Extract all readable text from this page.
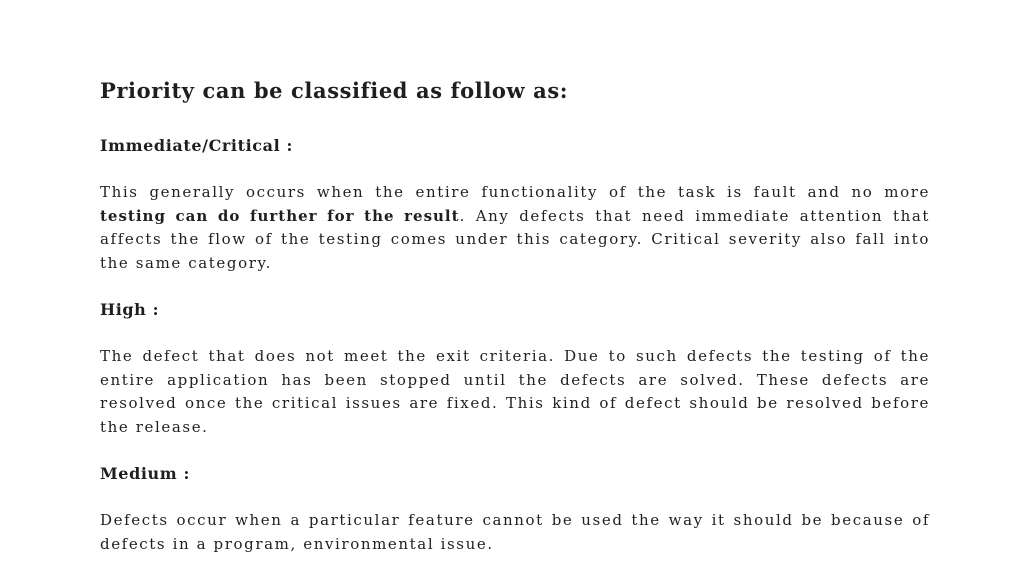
Priority can be classified as follow as:
Immediate/Critical :

This generally occurs when the entire functionality of the task is fault and no more testing can do further for the result. Any defects that need immediate attention that affects the flow of the testing comes under this category. Critical severity also fall into the same category.

High :

The defect that does not meet the exit criteria. Due to such defects the testing of the entire application has been stopped until the defects are solved. These defects are resolved once the critical issues are fixed. This kind of defect should be resolved before the release.

Medium :

Defects occur when a particular feature cannot be used the way it should be because of defects in a program, environmental issue.
